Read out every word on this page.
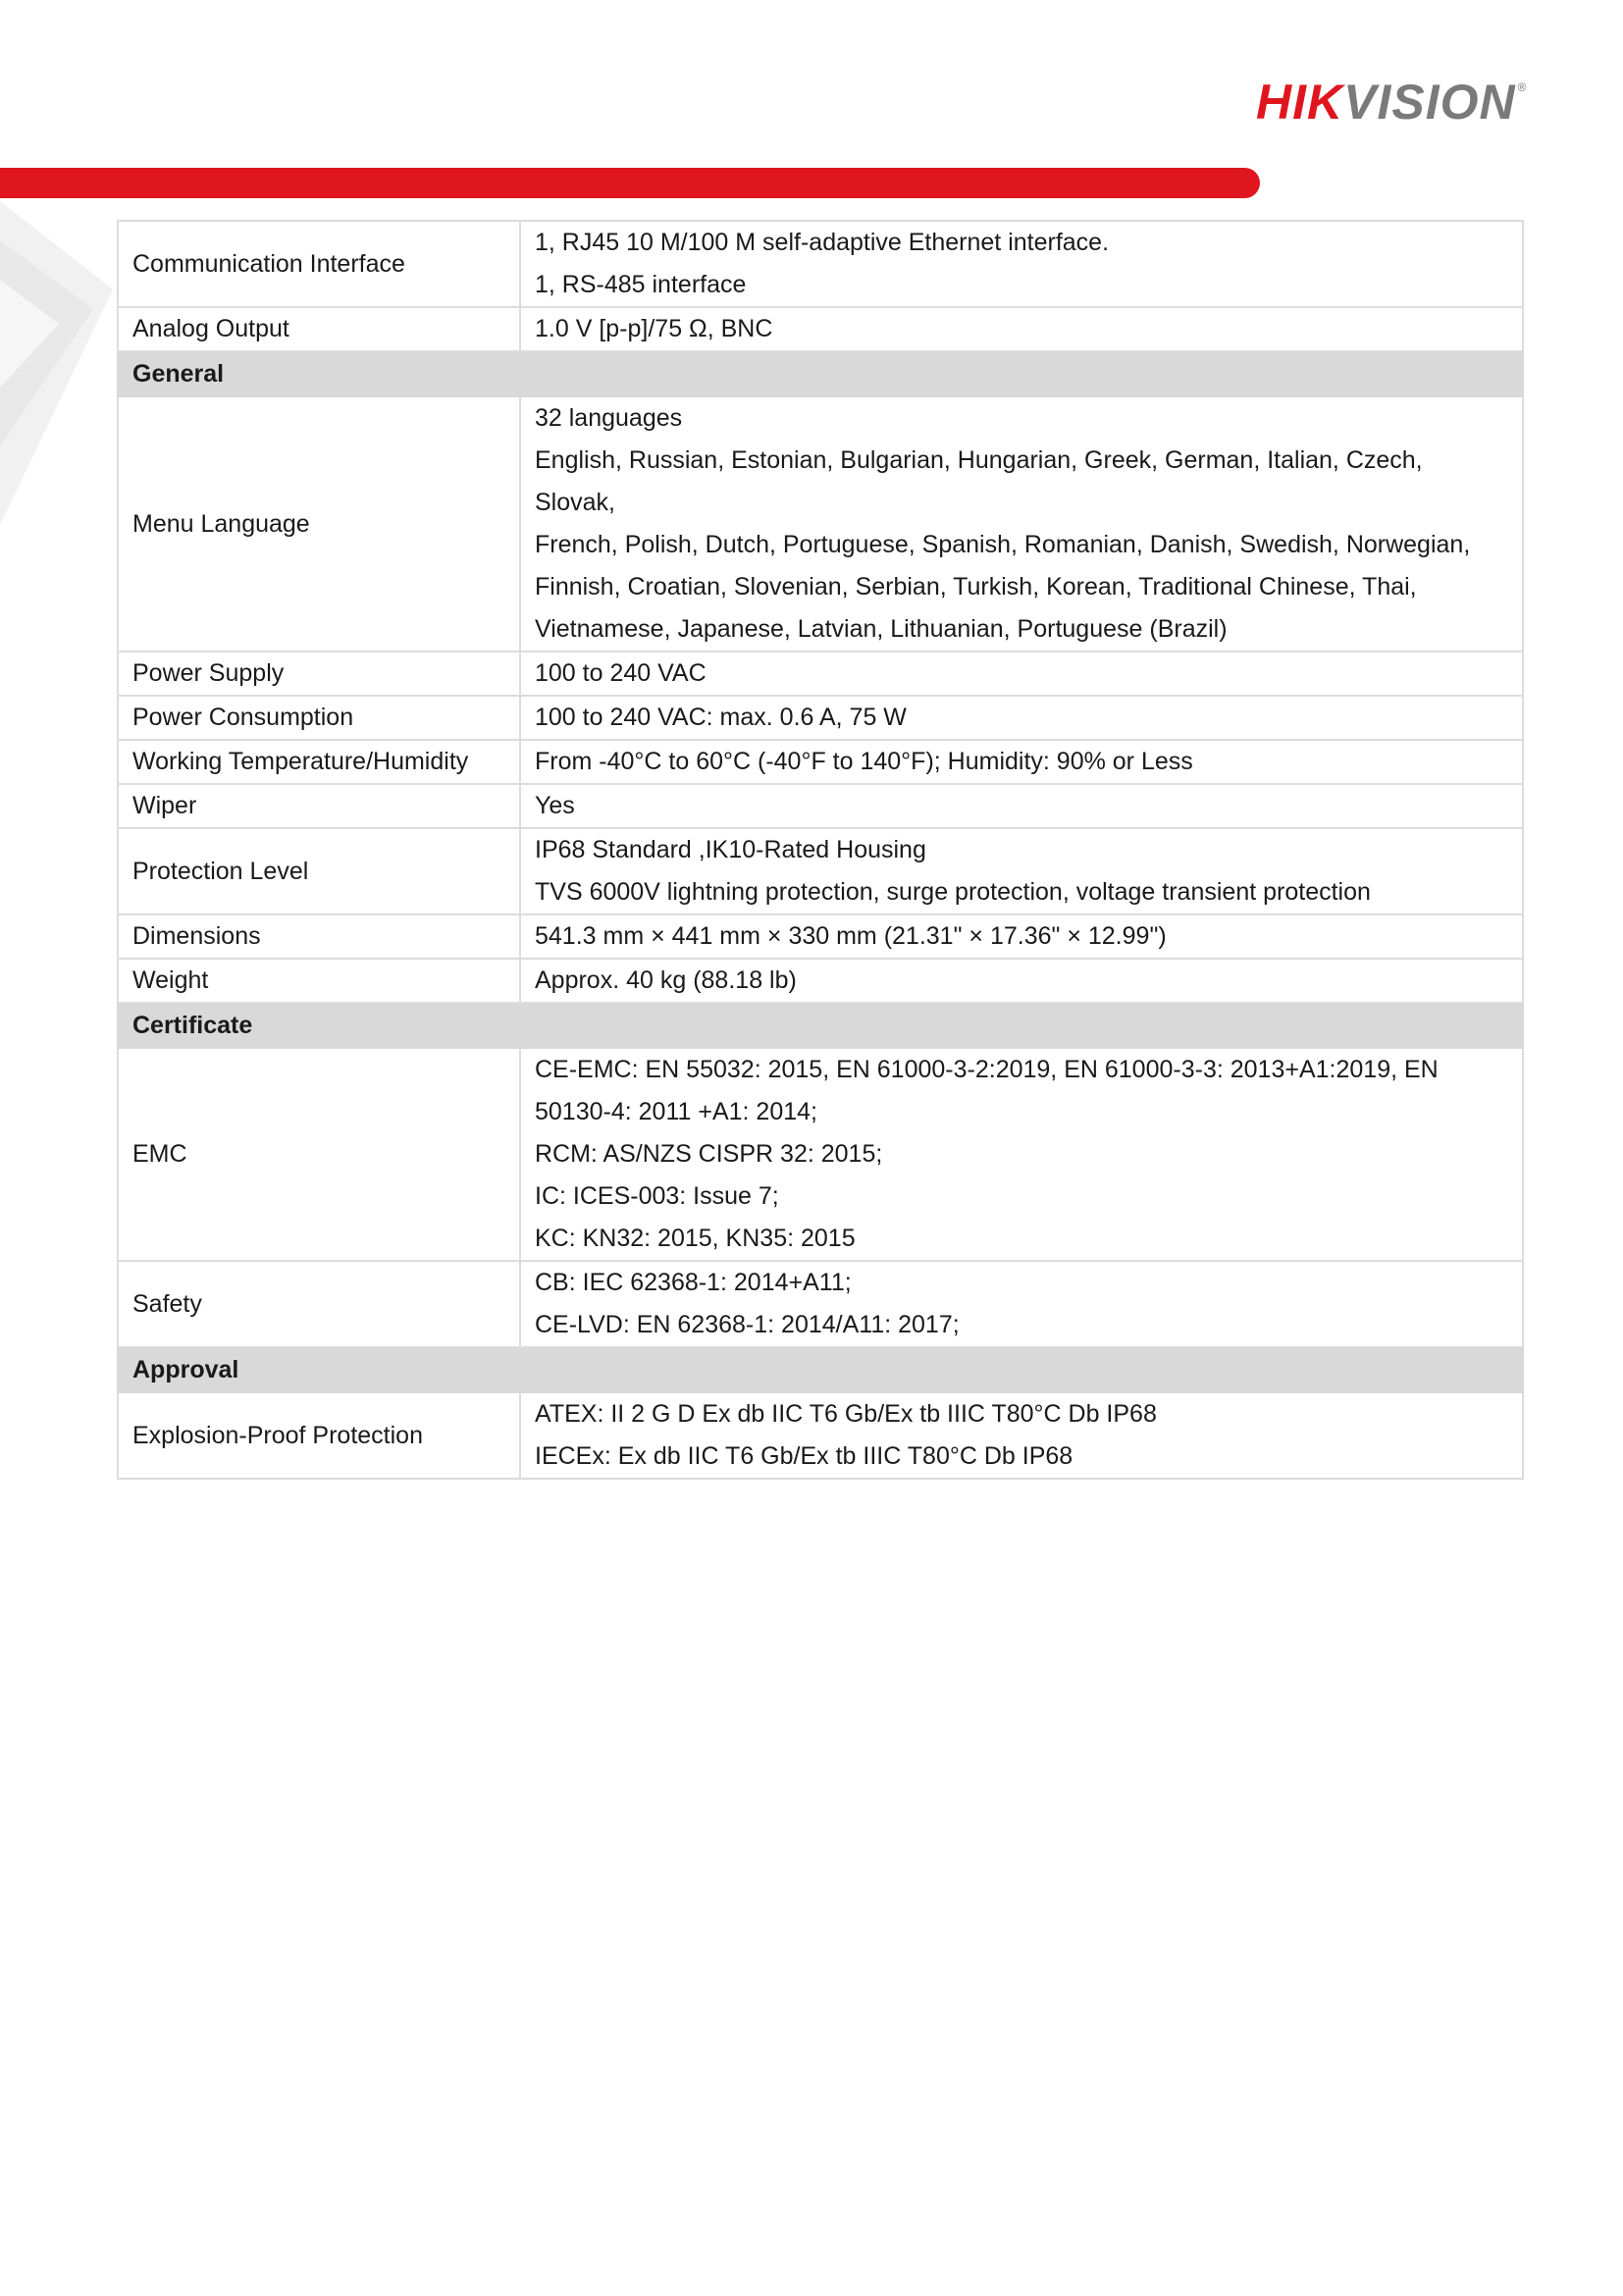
HIKVISION ®
Communication Interface	1, RJ45 10 M/100 M self-adaptive Ethernet interface.
1, RS-485 interface

Analog Output	1.0 V [p-p]/75 Ω, BNC

General	
Menu Language	32 languages
English, Russian, Estonian, Bulgarian, Hungarian, Greek, German, Italian, Czech, Slovak,
French, Polish, Dutch, Portuguese, Spanish, Romanian, Danish, Swedish, Norwegian,
Finnish, Croatian, Slovenian, Serbian, Turkish, Korean, Traditional Chinese, Thai,
Vietnamese, Japanese, Latvian, Lithuanian, Portuguese (Brazil)

Power Supply	100 to 240 VAC

Power Consumption	100 to 240 VAC: max. 0.6 A, 75 W

Working Temperature/Humidity	From -40°C to 60°C (-40°F to 140°F); Humidity: 90% or Less

Wiper	Yes

Protection Level	IP68 Standard ,IK10-Rated Housing
TVS 6000V lightning protection, surge protection, voltage transient protection

Dimensions	541.3 mm × 441 mm × 330 mm (21.31" × 17.36" × 12.99")

Weight	Approx. 40 kg (88.18 lb)

Certificate	
EMC	CE-EMC: EN 55032: 2015, EN 61000-3-2:2019, EN 61000-3-3: 2013+A1:2019, EN
50130-4: 2011 +A1: 2014;
RCM: AS/NZS CISPR 32: 2015;
IC: ICES-003: Issue 7;
KC: KN32: 2015, KN35: 2015

Safety	CB: IEC 62368-1: 2014+A11;
CE-LVD: EN 62368-1: 2014/A11: 2017;

Approval	
Explosion-Proof Protection	ATEX: II 2 G D Ex db IIC T6 Gb/Ex tb IIIC T80°C Db IP68
IECEx: Ex db IIC T6 Gb/Ex tb IIIC T80°C Db IP68
